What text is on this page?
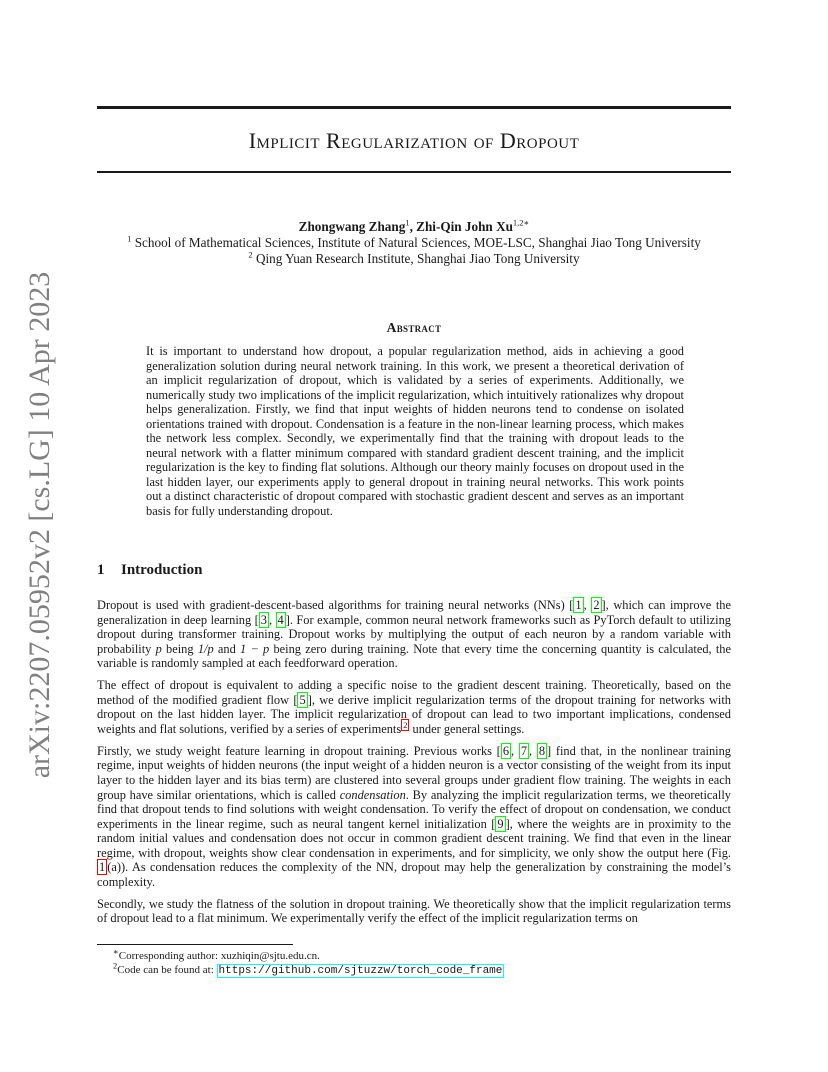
arXiv:2207.05952v2 [cs.LG] 10 Apr 2023
Implicit Regularization of Dropout
Zhongwang Zhang$^1$, Zhi-Qin John $Xu^{1,2∗}$
$^1$ School of Mathematical Sciences, Institute of Natural Sciences, MOE-LSC, Shanghai Jiao Tong University
$^2$ Qing Yuan Research Institute, Shanghai Jiao Tong University
Abstract

It is important to understand how dropout, a popular regularization method, aids in achieving a good generalization solution during neural network training. In this work, we present a theoretical derivation of an implicit regularization of dropout, which is validated by a series of experiments. Additionally, we numerically study two implications of the implicit regularization, which intuitively rationalizes why dropout helps generalization. Firstly, we find that input weights of hidden neurons tend to condense on isolated orientations trained with dropout. Condensation is a feature in the non-linear learning process, which makes the network less complex. Secondly, we experimentally find that the training with dropout leads to the neural network with a flatter minimum compared with standard gradient descent training, and the implicit regularization is the key to finding flat solutions. Although our theory mainly focuses on dropout used in the last hidden layer, our experiments apply to general dropout in training neural networks. This work points out a distinct characteristic of dropout compared with stochastic gradient descent and serves as an important basis for fully understanding dropout.

1 Introduction

Dropout is used with gradient-descent-based algorithms for training neural networks (NNs) [ 1 , 2 ], which can improve the generalization in deep learning [ 3 , 4 ]. For example, common neural network frameworks such as PyTorch default to utilizing dropout during transformer training. Dropout works by multiplying the output of each neuron by a random variable with probability p being 1/p and 1 − p being zero during training. Note that every time the concerning quantity is calculated, the variable is randomly sampled at each feedforward operation.

The effect of dropout is equivalent to adding a specific noise to the gradient descent training. Theoretically, based on the method of the modified gradient flow [ 5 ], we derive implicit regularization terms of the dropout training for networks with dropout on the last hidden layer. The implicit regularization of dropout can lead to two important implications, condensed weights and flat solutions, verified by a series of experiments $^2$ under general settings.

Firstly, we study weight feature learning in dropout training. Previous works [ 6 , 7 , 8 ] find that, in the nonlinear training regime, input weights of hidden neurons (the input weight of a hidden neuron is a vector consisting of the weight from its input layer to the hidden layer and its bias term) are clustered into several groups under gradient flow training. The weights in each group have similar orientations, which is called condensation. By analyzing the implicit regularization terms, we theoretically find that dropout tends to find solutions with weight condensation. To verify the effect of dropout on condensation, we conduct experiments in the linear regime, such as neural tangent kernel initialization [ 9 ], where the weights are in proximity to the random initial values and condensation does not occur in common gradient descent training. We find that even in the linear regime, with dropout, weights show clear condensation in experiments, and for simplicity, we only show the output here (Fig. 1 (a)). As condensation reduces the complexity of the NN, dropout may help the generalization by constraining the model’s complexity.

Secondly, we study the flatness of the solution in dropout training. We theoretically show that the implicit regularization terms of dropout lead to a flat minimum. We experimentally verify the effect of the implicit regularization terms on

∗Corresponding author: xuzhiqin@sjtu.edu.cn.
$^2$Code can be found at: https://github.com/sjtuzzw/torch_code_frame
